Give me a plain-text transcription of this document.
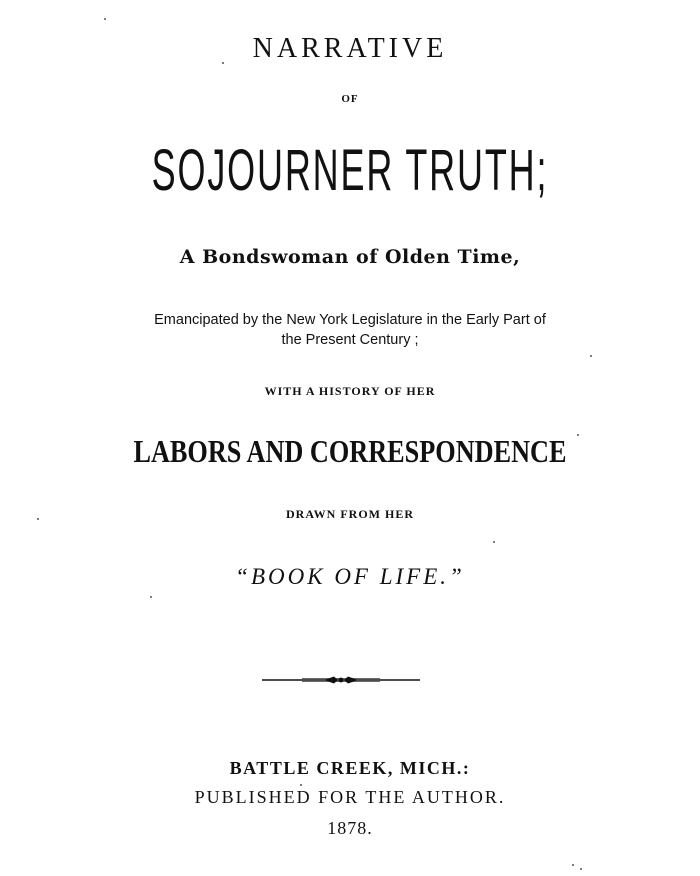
NARRATIVE
OF
SOJOURNER TRUTH;
A Bondswoman of Olden Time,
Emancipated by the New York Legislature in the Early Part of
the Present Century ;
WITH A HISTORY OF HER
LABORS AND CORRESPONDENCE
DRAWN FROM HER
“BOOK OF LIFE.”
BATTLE CREEK, MICH.:
PUBLISHED FOR THE AUTHOR.
1878.
